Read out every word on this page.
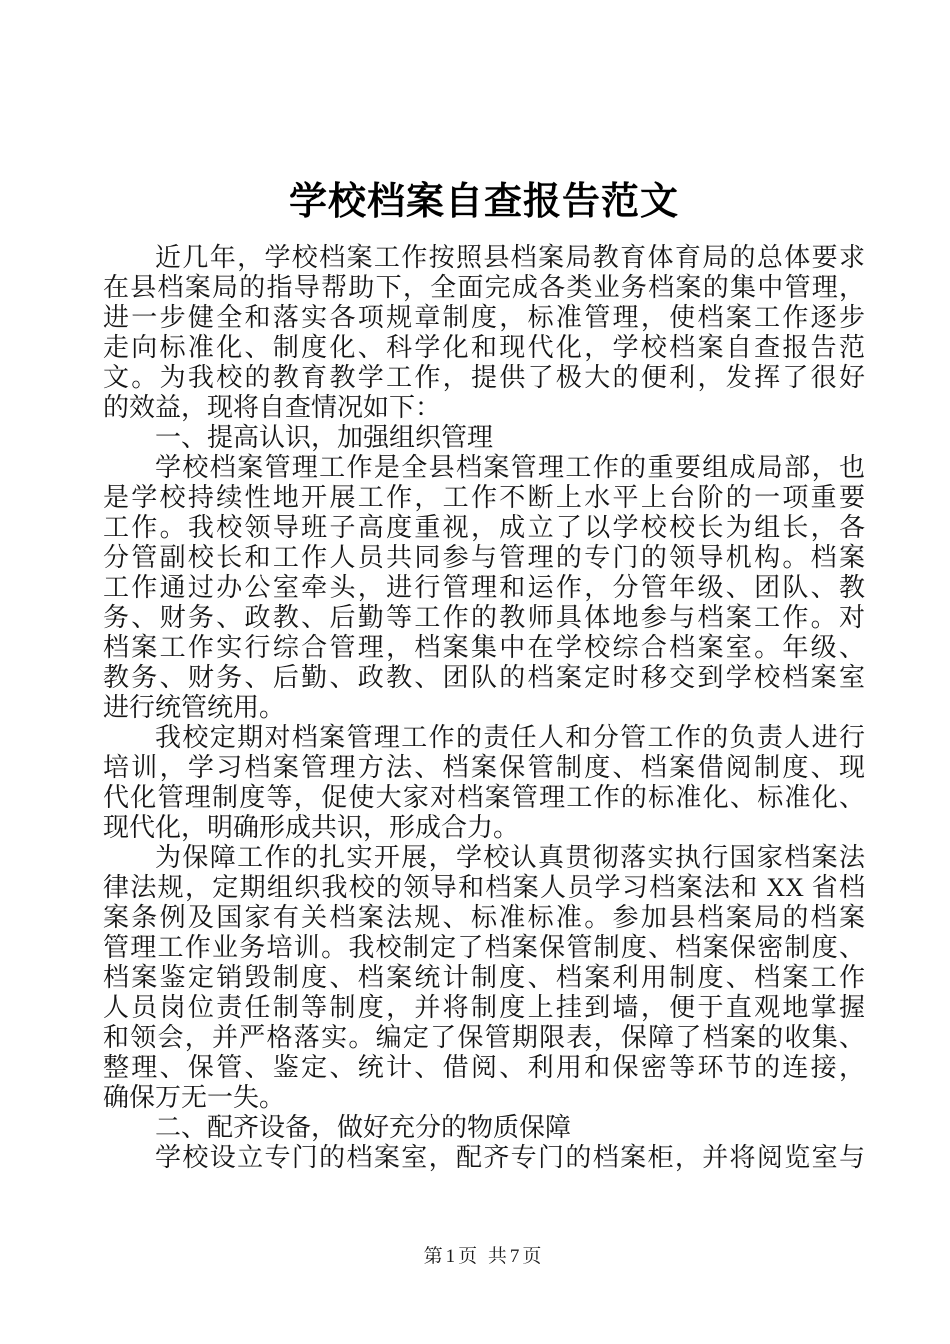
学校档案自查报告范文
近几年，学校档案工作按照县档案局教育体育局的总体要求
在县档案局的指导帮助下，全面完成各类业务档案的集中管理，
进一步健全和落实各项规章制度，标准管理，使档案工作逐步
走向标准化、制度化、科学化和现代化，学校档案自查报告范
文。为我校的教育教学工作，提供了极大的便利，发挥了很好
的效益，现将自查情况如下：
一、提高认识，加强组织管理
学校档案管理工作是全县档案管理工作的重要组成局部，也
是学校持续性地开展工作，工作不断上水平上台阶的一项重要
工作。我校领导班子高度重视，成立了以学校校长为组长，各
分管副校长和工作人员共同参与管理的专门的领导机构。档案
工作通过办公室牵头，进行管理和运作，分管年级、团队、教
务、财务、政教、后勤等工作的教师具体地参与档案工作。对
档案工作实行综合管理，档案集中在学校综合档案室。年级、
教务、财务、后勤、政教、团队的档案定时移交到学校档案室
进行统管统用。
我校定期对档案管理工作的责任人和分管工作的负责人进行
培训，学习档案管理方法、档案保管制度、档案借阅制度、现
代化管理制度等，促使大家对档案管理工作的标准化、标准化、
现代化，明确形成共识，形成合力。
为保障工作的扎实开展，学校认真贯彻落实执行国家档案法
律法规，定期组织我校的领导和档案人员学习档案法和 XX 省档
案条例及国家有关档案法规、标准标准。参加县档案局的档案
管理工作业务培训。我校制定了档案保管制度、档案保密制度、
档案鉴定销毁制度、档案统计制度、档案利用制度、档案工作
人员岗位责任制等制度，并将制度上挂到墙，便于直观地掌握
和领会，并严格落实。编定了保管期限表，保障了档案的收集、
整理、保管、鉴定、统计、借阅、利用和保密等环节的连接，
确保万无一失。
二、配齐设备，做好充分的物质保障
学校设立专门的档案室，配齐专门的档案柜，并将阅览室与
第1页 共7页
